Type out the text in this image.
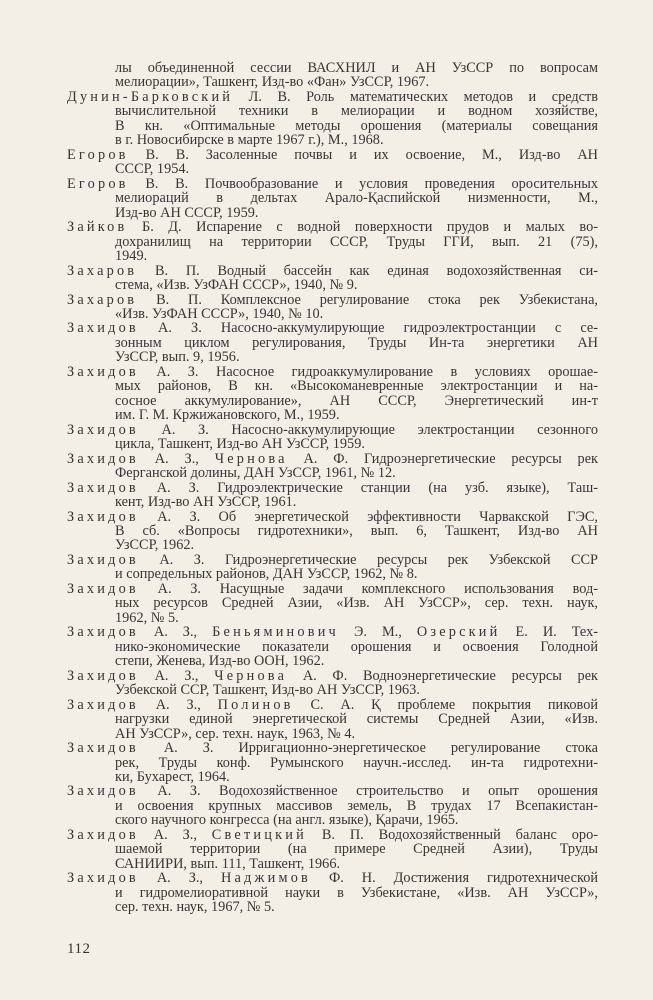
лы объединенной сессии ВАСХНИЛ и АН УзССР по вопросам
мелиорации», Ташкент, Изд-во «Фан» УзССР, 1967.
Дунин-Барковский Л. В. Роль математических методов и средств
вычислительной техники в мелиорации и водном хозяйстве,
В кн. «Оптимальные методы орошения (материалы совещания
в г. Новосибирске в марте 1967 г.), М., 1968.
Егоров В. В. Засоленные почвы и их освоение, М., Изд-во АН
СССР, 1954.
Егоров В. В. Почвообразование и условия проведения оросительных
мелиораций в дельтах Арало-Қаспийской низменности, М.,
Изд-во АН СССР, 1959.
Зайков Б. Д. Испарение с водной поверхности прудов и малых во-
дохранилищ на территории СССР, Труды ГГИ, вып. 21 (75),
1949.
Захаров В. П. Водный бассейн как единая водохозяйственная си-
стема, «Изв. УзФАН СССР», 1940, № 9.
Захаров В. П. Комплексное регулирование стока рек Узбекистана,
«Изв. УзФАН СССР», 1940, № 10.
Захидов А. З. Насосно-аккумулирующие гидроэлектростанции с се-
зонным циклом регулирования, Труды Ин-та энергетики АН
УзССР, вып. 9, 1956.
Захидов А. З. Насосное гидроаккумулирование в условиях орошае-
мых районов, В кн. «Высокоманевренные электростанции и на-
сосное аккумулирование», АН СССР, Энергетический ин-т
им. Г. М. Кржижановского, М., 1959.
Захидов А. З. Насосно-аккумулирующие электростанции сезонного
цикла, Ташкент, Изд-во АН УзССР, 1959.
Захидов А. З., Чернова А. Ф. Гидроэнергетические ресурсы рек
Ферганской долины, ДАН УзССР, 1961, № 12.
Захидов А. З. Гидроэлектрические станции (на узб. языке), Таш-
кент, Изд-во АН УзССР, 1961.
Захидов А. З. Об энергетической эффективности Чарвакской ГЭС,
В сб. «Вопросы гидротехники», вып. 6, Ташкент, Изд-во АН
УзССР, 1962.
Захидов А. З. Гидроэнергетические ресурсы рек Узбекской ССР
и сопредельных районов, ДАН УзССР, 1962, № 8.
Захидов А. З. Насущные задачи комплексного использования вод-
ных ресурсов Средней Азии, «Изв. АН УзССР», сер. техн. наук,
1962, № 5.
Захидов А. З., Беньяминович Э. М., Озерский Е. И. Тех-
нико-экономические показатели орошения и освоения Голодной
степи, Женева, Изд-во ООН, 1962.
Захидов А. З., Чернова А. Ф. Водноэнергетические ресурсы рек
Узбекской ССР, Ташкент, Изд-во АН УзССР, 1963.
Захидов А. З., Полинов С. А. Қ проблеме покрытия пиковой
нагрузки единой энергетической системы Средней Азии, «Изв.
АН УзССР», сер. техн. наук, 1963, № 4.
Захидов А. З. Ирригационно-энергетическое регулирование стока
рек, Труды конф. Румынского научн.-исслед. ин-та гидротехни-
ки, Бухарест, 1964.
Захидов А. З. Водохозяйственное строительство и опыт орошения
и освоения крупных массивов земель, В трудах 17 Всепакистан-
ского научного конгресса (на англ. языке), Қарачи, 1965.
Захидов А. З., Светицкий В. П. Водохозяйственный баланс оро-
шаемой территории (на примере Средней Азии), Труды
САНИИРИ, вып. 111, Ташкент, 1966.
Захидов А. З., Наджимов Ф. Н. Достижения гидротехнической
и гидромелиоративной науки в Узбекистане, «Изв. АН УзССР»,
сер. техн. наук, 1967, № 5.
112
